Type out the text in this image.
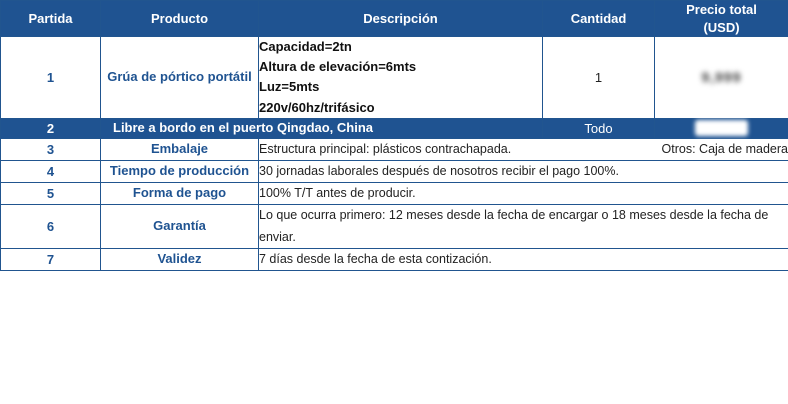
Partida	Producto	Descripción	Cantidad	Precio total
(USD)

1	Grúa de pórtico portátil	Capacidad=2tn
Altura de elevación=6mts
Luz=5mts
220v/60hz/trifásico	1	9,999
2	Libre a bordo en el puerto Qingdao, China		Todo	0,000
3	Embalaje	Estructura principal: plásticos contrachapada. Otros: Caja de madera		

4	Tiempo de producción	30 jornadas laborales después de nosotros recibir el pago 100%.		
5	Forma de pago	100% T/T antes de producir.		
6	Garantía	Lo que ocurra primero: 12 meses desde la fecha de encargar o 18 meses desde la fecha de enviar.		
7	Validez	7 días desde la fecha de esta contización.		
